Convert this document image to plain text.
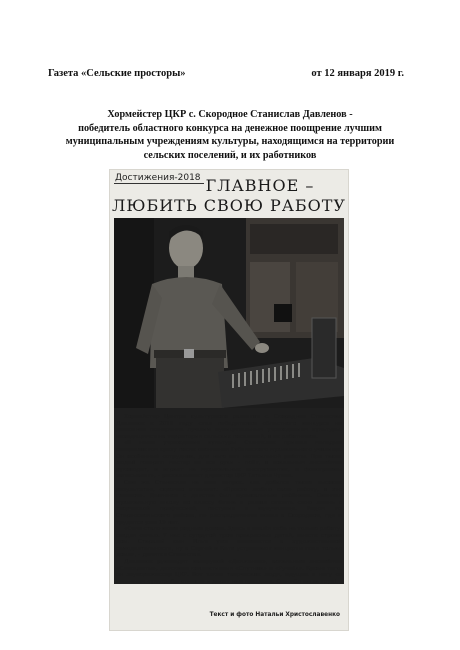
Газета «Сельские просторы»	от 12 января 2019 г.
Хормейстер ЦКР с. Скородное Станислав Давленов -
победитель областного конкурса на денежное поощрение лучшим
муниципальным учреждениям культуры, находящимся на территории
сельских поселений, и их работников
Достижения-2018 ГЛАВНОЕ –
ЛЮБИТЬ СВОЮ РАБОТУ

Хормейстер Центра культурного развития с. Скородное Станислав Давленов в 2018 году стал победителем областного конкурса на денежное поощрение лучшим муниципальным учреждениям культуры, находящимся на территории сельских поселений, и их работников.

«В наше учреждение культуры Станислав пришел молодым специалистом сразу после окончания Губкинского музыкального училища. Он особенный сотрудник, для него нет непосильной работы. Про таких людей говорят: мастер на все руки – поёт, и вокальным ансамблем руководит, и играет на музыкальных инструментах, и фонограммы записывает», – рассказывает директор ЦКР Татьяна Чуева.

Сам же Станислав на наш вопрос, как добился таких высоких результатов, скромно отвечает: «Просто люблю свою работу, и это главное». Давленов с детства был музыкальным ребёнком. Окончил музыкальную школу по классу баяна и решил связать свою жизнь с творческой профессией, поступив в музучилище. Родом из Старооскольского района, по распределению попал в Скородное, где и трудится уже 19 лет.

«Село стало моим родным домом. Здесь я нашёл себе не только работу, создал семью. У нас с супругой трое прекрасных детей, вместе строим дом. Старший сын Илья уже занимается в художественной самодеятельности, ну а Сергей и Катя устраивают концерты пока только дома», – делится Станислав.

Давленов руководит хвеврупой «Движение», вокальным ансамблем «Самоцветы», детскими коллективами «Спутник» и «Ручеёк». Кроме того, он звукорежиссер ЦКР. Вот такие творческие люди, идущие в ногу со временем «ультрабоготники» и дарят нам праздник. Спасибо им за труд!

Текст и фото Натальи Христославенко
